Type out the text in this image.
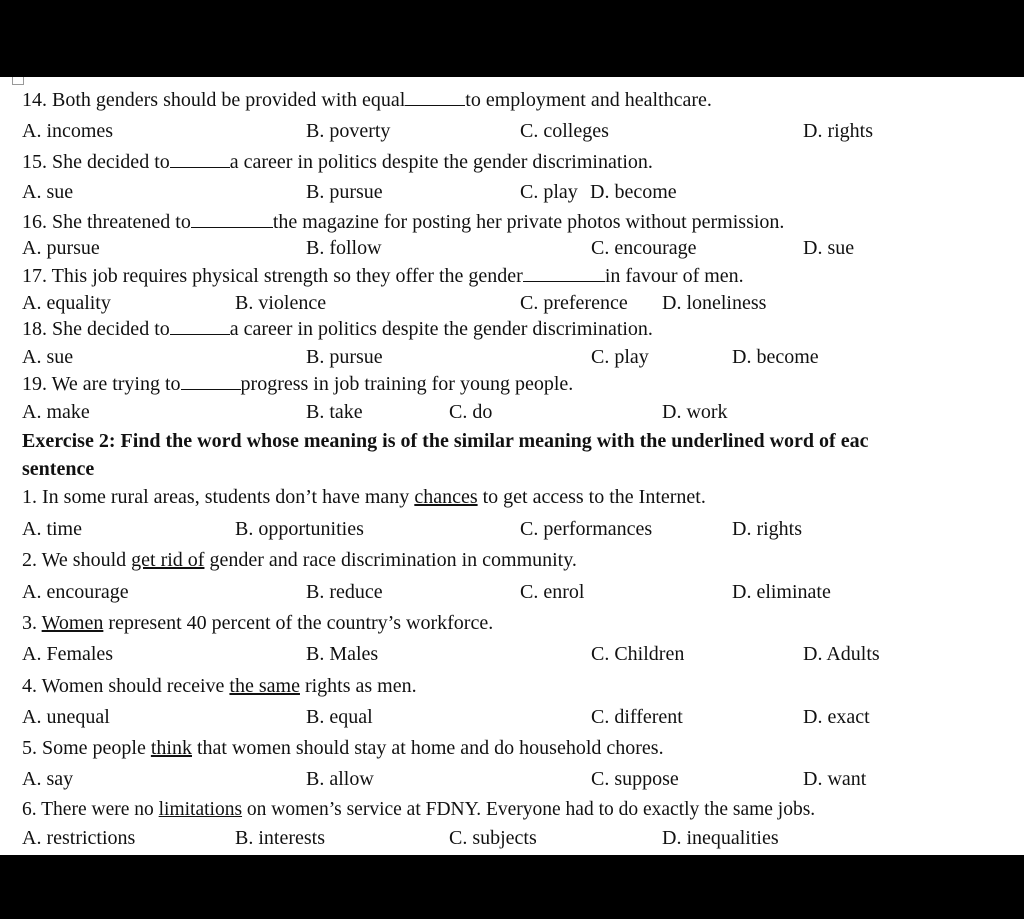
14. Both genders should be provided with equal	to employment and healthcare.
A. incomes	B. poverty	C. colleges	D. rights
15. She decided to	a career in politics despite the gender discrimination.
A. sue	B. pursue	C. play D. become
16. She threatened to	the magazine for posting her private photos without permission.
A. pursue	B. follow	C. encourage	D. sue
17. This job requires physical strength so they offer the gender	in favour of men.
A. equality	B. violence	C. preference D. loneliness
18. She decided to	a career in politics despite the gender discrimination.
A. sue	B. pursue	C. play	D. become
19. We are trying to	progress in job training for young people.
A. make	B. take	C. do	D. work
Exercise 2: Find the word whose meaning is of the similar meaning with the underlined word of eac
sentence
1. In some rural areas, students don’t have many chances to get access to the Internet.
A. time	B. opportunities	C. performances	D. rights
2. We should get rid of gender and race discrimination in community.
A. encourage	B. reduce	C. enrol	D. eliminate
3. Women represent 40 percent of the country’s workforce.
A. Females	B. Males	C. Children	D. Adults
4. Women should receive the same rights as men.
A. unequal	B. equal	C. different	D. exact
5. Some people think that women should stay at home and do household chores.
A. say	B. allow	C. suppose	D. want
6. There were no limitations on women’s service at FDNY. Everyone had to do exactly the same jobs.
A. restrictions	B. interests	C. subjects	D. inequalities
